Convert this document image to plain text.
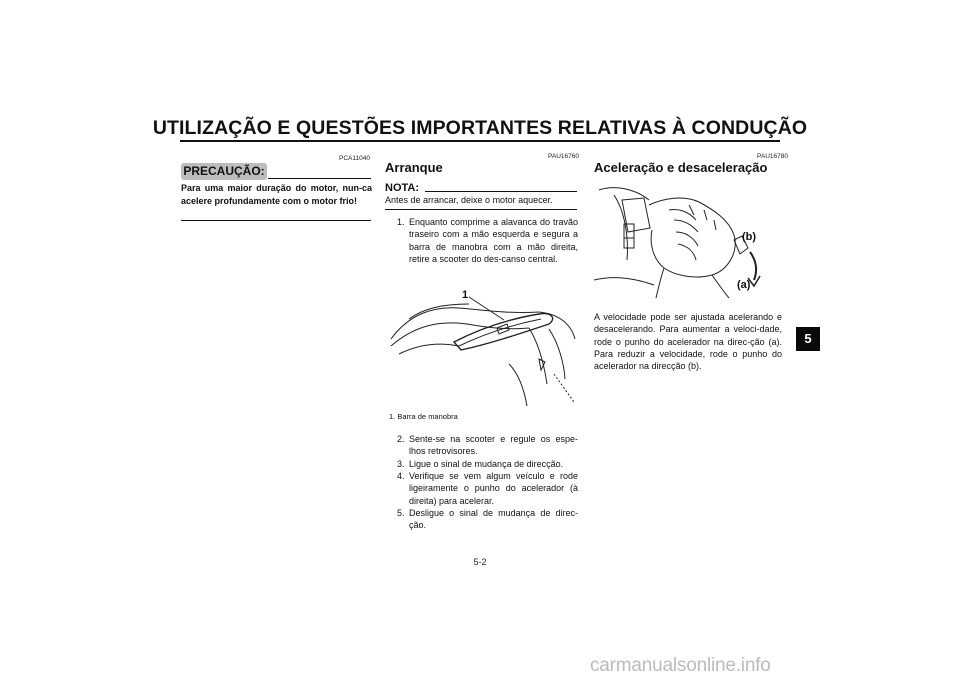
UTILIZAÇÃO E QUESTÕES IMPORTANTES RELATIVAS À CONDUÇÃO
PCA11040
PRECAUÇÃO:
Para uma maior duração do motor, nun-ca acelere profundamente com o motor frio!
PAU16760
Arranque
NOTA:
Antes de arrancar, deixe o motor aquecer.
1. Enquanto comprime a alavanca do travão traseiro com a mão esquerda e segura a barra de manobra com a mão direita, retire a scooter do des-canso central.
1
1. Barra de manobra
2. Sente-se na scooter e regule os espe-lhos retrovisores.
3. Ligue o sinal de mudança de direcção.
4. Verifique se vem algum veículo e rode ligeiramente o punho do acelerador (à direita) para acelerar.
5. Desligue o sinal de mudança de direc-ção.
PAU16780
Aceleração e desaceleração
(b)
(a)
A velocidade pode ser ajustada acelerando e desacelerando. Para aumentar a veloci-dade, rode o punho do acelerador na direc-ção (a). Para reduzir a velocidade, rode o punho do acelerador na direcção (b).
5-2
5
carmanualsonline.info
